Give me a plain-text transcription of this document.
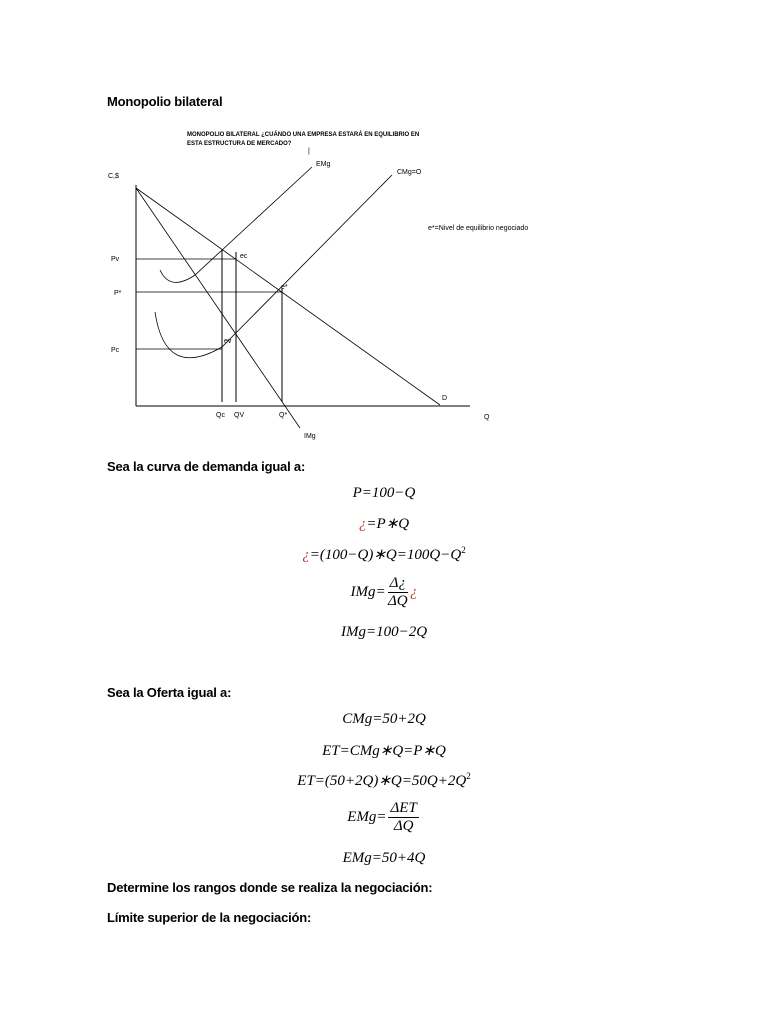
Monopolio bilateral
MONOPOLIO BILATERAL ¿CUÁNDO UNA EMPRESA ESTARÁ EN EQUILIBRIO EN
ESTA ESTRUCTURA DE MERCADO?
C,$
Q
D
IMg
EMg
|
CMg=O
e*=Nivel de equilibrio negociado
Pv
P*
Pc
Qc QV	Q*
ec
e*
ev
Sea la curva de demanda igual a:
P=100−Q
¿=P∗Q
¿$=(100-Q)∗Q=100Q-Q^2$
$IMg= \frac{\Delta¿}{\Delta Q}$ ¿
IMg=100−2Q
Sea la Oferta igual a:
CMg=50+2Q
ET=CMg∗Q=P∗Q
$ET=(50+2Q)∗Q=50Q+2Q^2$
$EMg= \frac{\text{ΔET}}{\Delta Q}$
EMg=50+4Q
Determine los rangos donde se realiza la negociación:
Límite superior de la negociación:
